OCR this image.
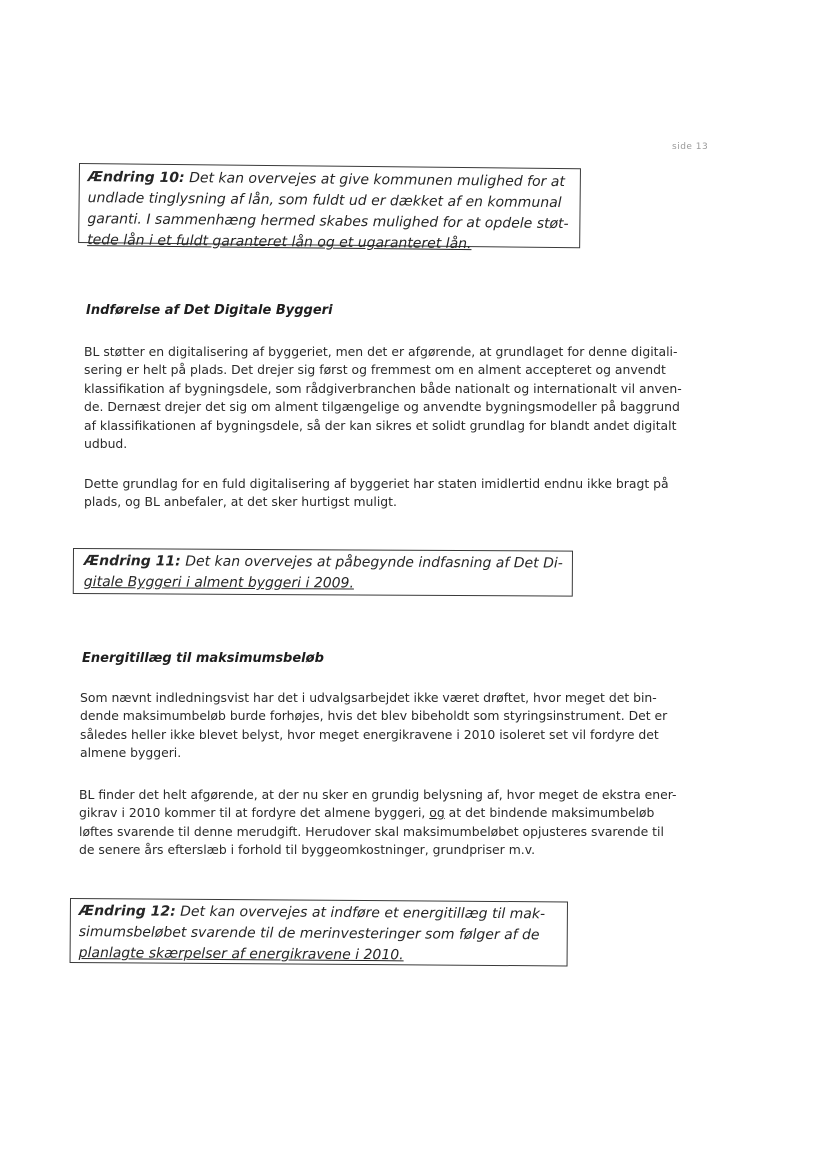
side 13
Ændring 10: Det kan overvejes at give kommunen mulighed for at
undlade tinglysning af lån, som fuldt ud er dækket af en kommunal
garanti. I sammenhæng hermed skabes mulighed for at opdele støt-
tede lån i et fuldt garanteret lån og et ugaranteret lån.
Indførelse af Det Digitale Byggeri
BL støtter en digitalisering af byggeriet, men det er afgørende, at grundlaget for denne digitali-
sering er helt på plads. Det drejer sig først og fremmest om en alment accepteret og anvendt
klassifikation af bygningsdele, som rådgiverbranchen både nationalt og internationalt vil anven-
de. Dernæst drejer det sig om alment tilgængelige og anvendte bygningsmodeller på baggrund
af klassifikationen af bygningsdele, så der kan sikres et solidt grundlag for blandt andet digitalt
udbud.
Dette grundlag for en fuld digitalisering af byggeriet har staten imidlertid endnu ikke bragt på
plads, og BL anbefaler, at det sker hurtigst muligt.
Ændring 11: Det kan overvejes at påbegynde indfasning af Det Di-
gitale Byggeri i alment byggeri i 2009.
Energitillæg til maksimumsbeløb
Som nævnt indledningsvist har det i udvalgsarbejdet ikke været drøftet, hvor meget det bin-
dende maksimumbeløb burde forhøjes, hvis det blev bibeholdt som styringsinstrument. Det er
således heller ikke blevet belyst, hvor meget energikravene i 2010 isoleret set vil fordyre det
almene byggeri.
BL finder det helt afgørende, at der nu sker en grundig belysning af, hvor meget de ekstra ener-
gikrav i 2010 kommer til at fordyre det almene byggeri, og at det bindende maksimumbeløb
løftes svarende til denne merudgift. Herudover skal maksimumbeløbet opjusteres svarende til
de senere års efterslæb i forhold til byggeomkostninger, grundpriser m.v.
Ændring 12: Det kan overvejes at indføre et energitillæg til mak-
simumsbeløbet svarende til de merinvesteringer som følger af de
planlagte skærpelser af energikravene i 2010.
